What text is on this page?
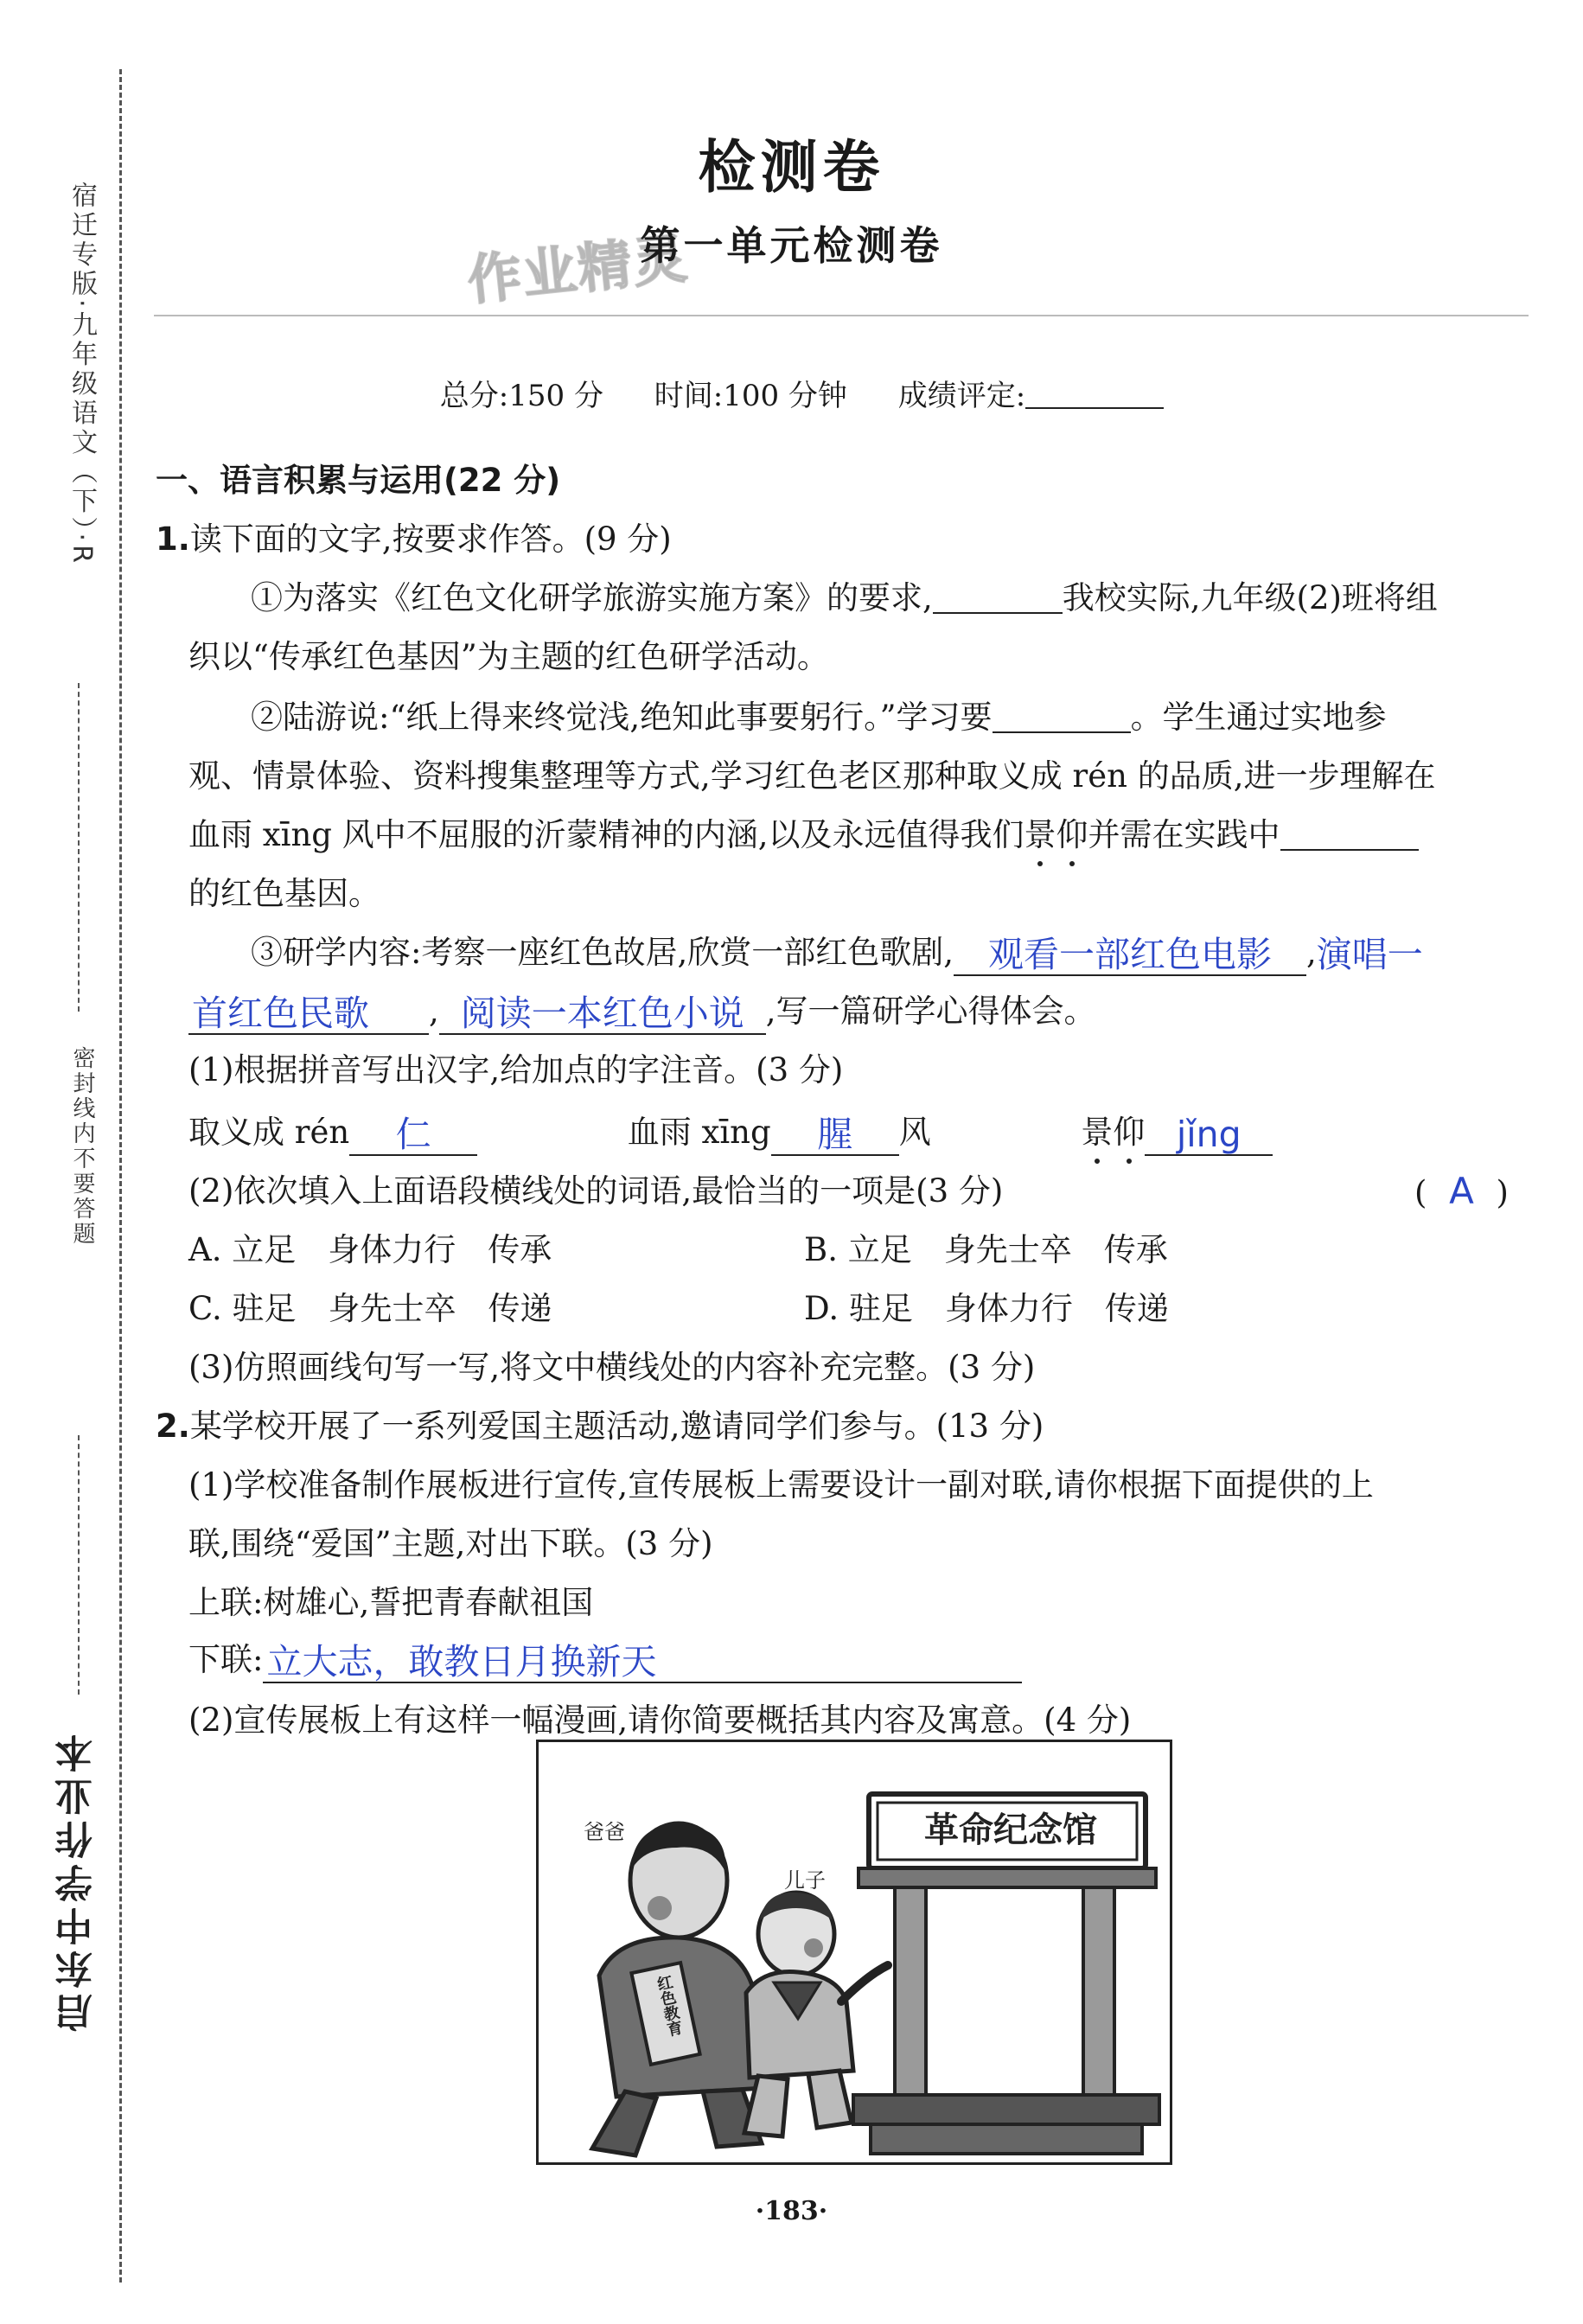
宿迁专版·九年级语文（下）·R
密封线内不要答题
启东中学作业本
检测卷
作业精灵
第一单元检测卷
总分:150 分 时间:100 分钟 成绩评定:
一、语言积累与运用(22 分)
1.读下面的文字,按要求作答。(9 分)
①为落实《红色文化研学旅游实施方案》的要求,	我校实际,九年级(2)班将组
织以“传承红色基因”为主题的红色研学活动。
②陆游说:“纸上得来终觉浅,绝知此事要躬行。”学习要	。学生通过实地参
观、情景体验、资料搜集整理等方式,学习红色老区那种取义成 rén 的品质,进一步理解在
血雨 xīng 风中不屈服的沂蒙精神的内涵,以及永远值得我们景仰并需在实践中
的红色基因。
③研学内容:考察一座红色故居,欣赏一部红色歌剧, 观看一部红色电影 ,演唱一
首红色民歌 , 阅读一本红色小说 ,写一篇研学心得体会。
(1)根据拼音写出汉字,给加点的字注音。(3 分)
取义成 rén 仁	血雨 xīng 腥 风	景仰 jǐng
(2)依次填入上面语段横线处的词语,最恰当的一项是(3 分)	( A )
A. 立足　身体力行　传承	B. 立足　身先士卒　传承
C. 驻足　身先士卒　传递	D. 驻足　身体力行　传递
(3)仿照画线句写一写,将文中横线处的内容补充完整。(3 分)
2.某学校开展了一系列爱国主题活动,邀请同学们参与。(13 分)
(1)学校准备制作展板进行宣传,宣传展板上需要设计一副对联,请你根据下面提供的上
联,围绕“爱国”主题,对出下联。(3 分)
上联:树雄心,誓把青春献祖国
下联:立大志，敢教日月换新天
(2)宣传展板上有这样一幅漫画,请你简要概括其内容及寓意。(4 分)
革命纪念馆
爸爸
儿子
红色教育
·183·
